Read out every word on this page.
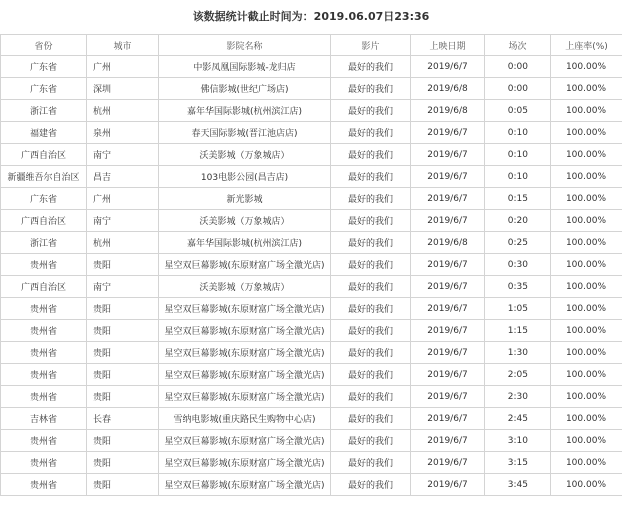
该数据统计截止时间为：2019.06.07日23:36
省份	城市	影院名称	影片	上映日期	场次	上座率(%)
广东省	广州	中影凤凰国际影城-龙归店	最好的我们	2019/6/7	0:00	100.00%
广东省	深圳	佛信影城(世纪广场店)	最好的我们	2019/6/8	0:00	100.00%
浙江省	杭州	嘉年华国际影城(杭州滨江店)	最好的我们	2019/6/8	0:05	100.00%
福建省	泉州	春天国际影城(晋江池店店)	最好的我们	2019/6/7	0:10	100.00%
广西自治区	南宁	沃美影城（万象城店）	最好的我们	2019/6/7	0:10	100.00%
新疆维吾尔自治区	昌吉	103电影公园(昌吉店)	最好的我们	2019/6/7	0:10	100.00%
广东省	广州	新光影城	最好的我们	2019/6/7	0:15	100.00%
广西自治区	南宁	沃美影城（万象城店）	最好的我们	2019/6/7	0:20	100.00%
浙江省	杭州	嘉年华国际影城(杭州滨江店)	最好的我们	2019/6/8	0:25	100.00%
贵州省	贵阳	星空双巨幕影城(东原财富广场全激光店)	最好的我们	2019/6/7	0:30	100.00%
广西自治区	南宁	沃美影城（万象城店）	最好的我们	2019/6/7	0:35	100.00%
贵州省	贵阳	星空双巨幕影城(东原财富广场全激光店)	最好的我们	2019/6/7	1:05	100.00%
贵州省	贵阳	星空双巨幕影城(东原财富广场全激光店)	最好的我们	2019/6/7	1:15	100.00%
贵州省	贵阳	星空双巨幕影城(东原财富广场全激光店)	最好的我们	2019/6/7	1:30	100.00%
贵州省	贵阳	星空双巨幕影城(东原财富广场全激光店)	最好的我们	2019/6/7	2:05	100.00%
贵州省	贵阳	星空双巨幕影城(东原财富广场全激光店)	最好的我们	2019/6/7	2:30	100.00%
吉林省	长春	雪纳电影城(重庆路民生购物中心店)	最好的我们	2019/6/7	2:45	100.00%
贵州省	贵阳	星空双巨幕影城(东原财富广场全激光店)	最好的我们	2019/6/7	3:10	100.00%
贵州省	贵阳	星空双巨幕影城(东原财富广场全激光店)	最好的我们	2019/6/7	3:15	100.00%
贵州省	贵阳	星空双巨幕影城(东原财富广场全激光店)	最好的我们	2019/6/7	3:45	100.00%
